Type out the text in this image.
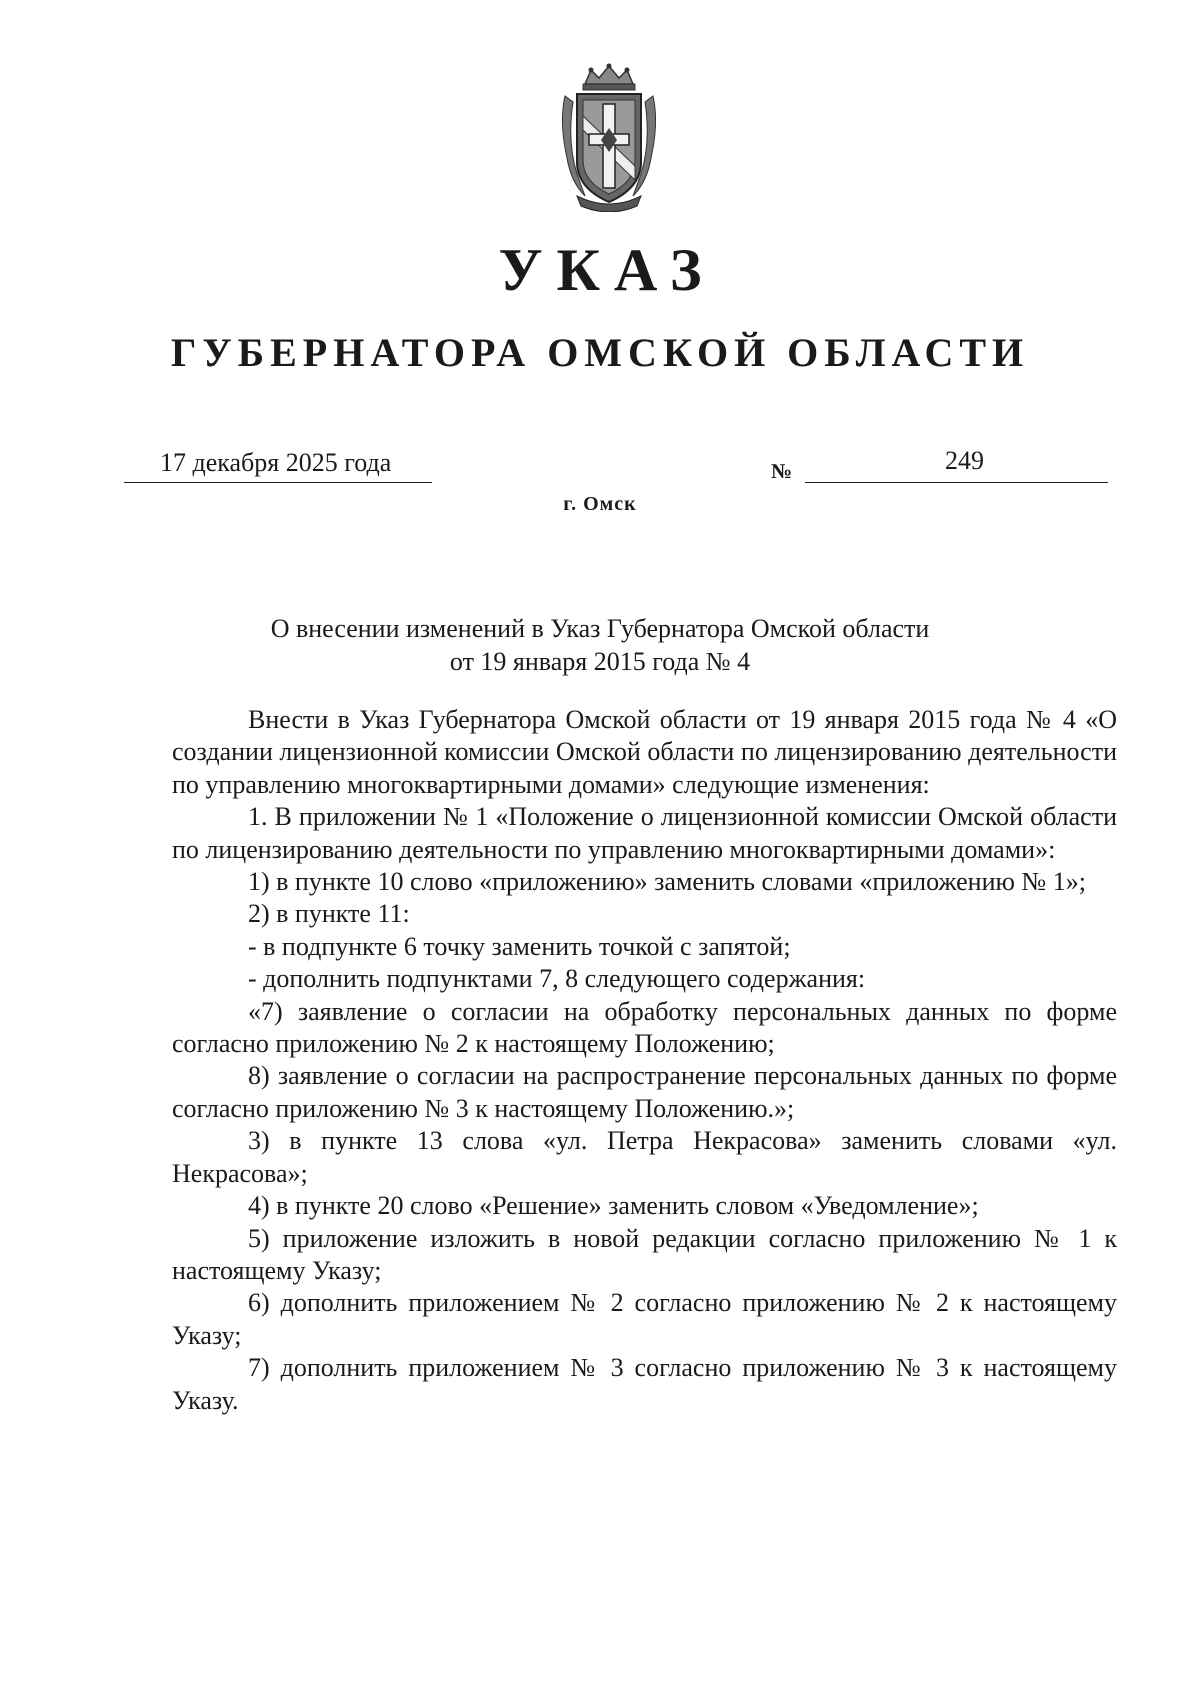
УКАЗ
ГУБЕРНАТОРА ОМСКОЙ ОБЛАСТИ
17 декабря 2025 года	№	249
г. Омск
О внесении изменений в Указ Губернатора Омской области
от 19 января 2015 года № 4

Внести в Указ Губернатора Омской области от 19 января 2015 года № 4 «О создании лицензионной комиссии Омской области по лицензированию деятельности по управлению многоквартирными домами» следующие изменения:

1. В приложении № 1 «Положение о лицензионной комиссии Омской области по лицензированию деятельности по управлению многоквартирными домами»:

1) в пункте 10 слово «приложению» заменить словами «приложению № 1»;

2) в пункте 11:

- в подпункте 6 точку заменить точкой с запятой;

- дополнить подпунктами 7, 8 следующего содержания:

«7) заявление о согласии на обработку персональных данных по форме согласно приложению № 2 к настоящему Положению;

8) заявление о согласии на распространение персональных данных по форме согласно приложению № 3 к настоящему Положению.»;

3) в пункте 13 слова «ул. Петра Некрасова» заменить словами «ул. Некрасова»;

4) в пункте 20 слово «Решение» заменить словом «Уведомление»;

5) приложение изложить в новой редакции согласно приложению № 1 к настоящему Указу;

6) дополнить приложением № 2 согласно приложению № 2 к настоящему Указу;

7) дополнить приложением № 3 согласно приложению № 3 к настоящему Указу.
